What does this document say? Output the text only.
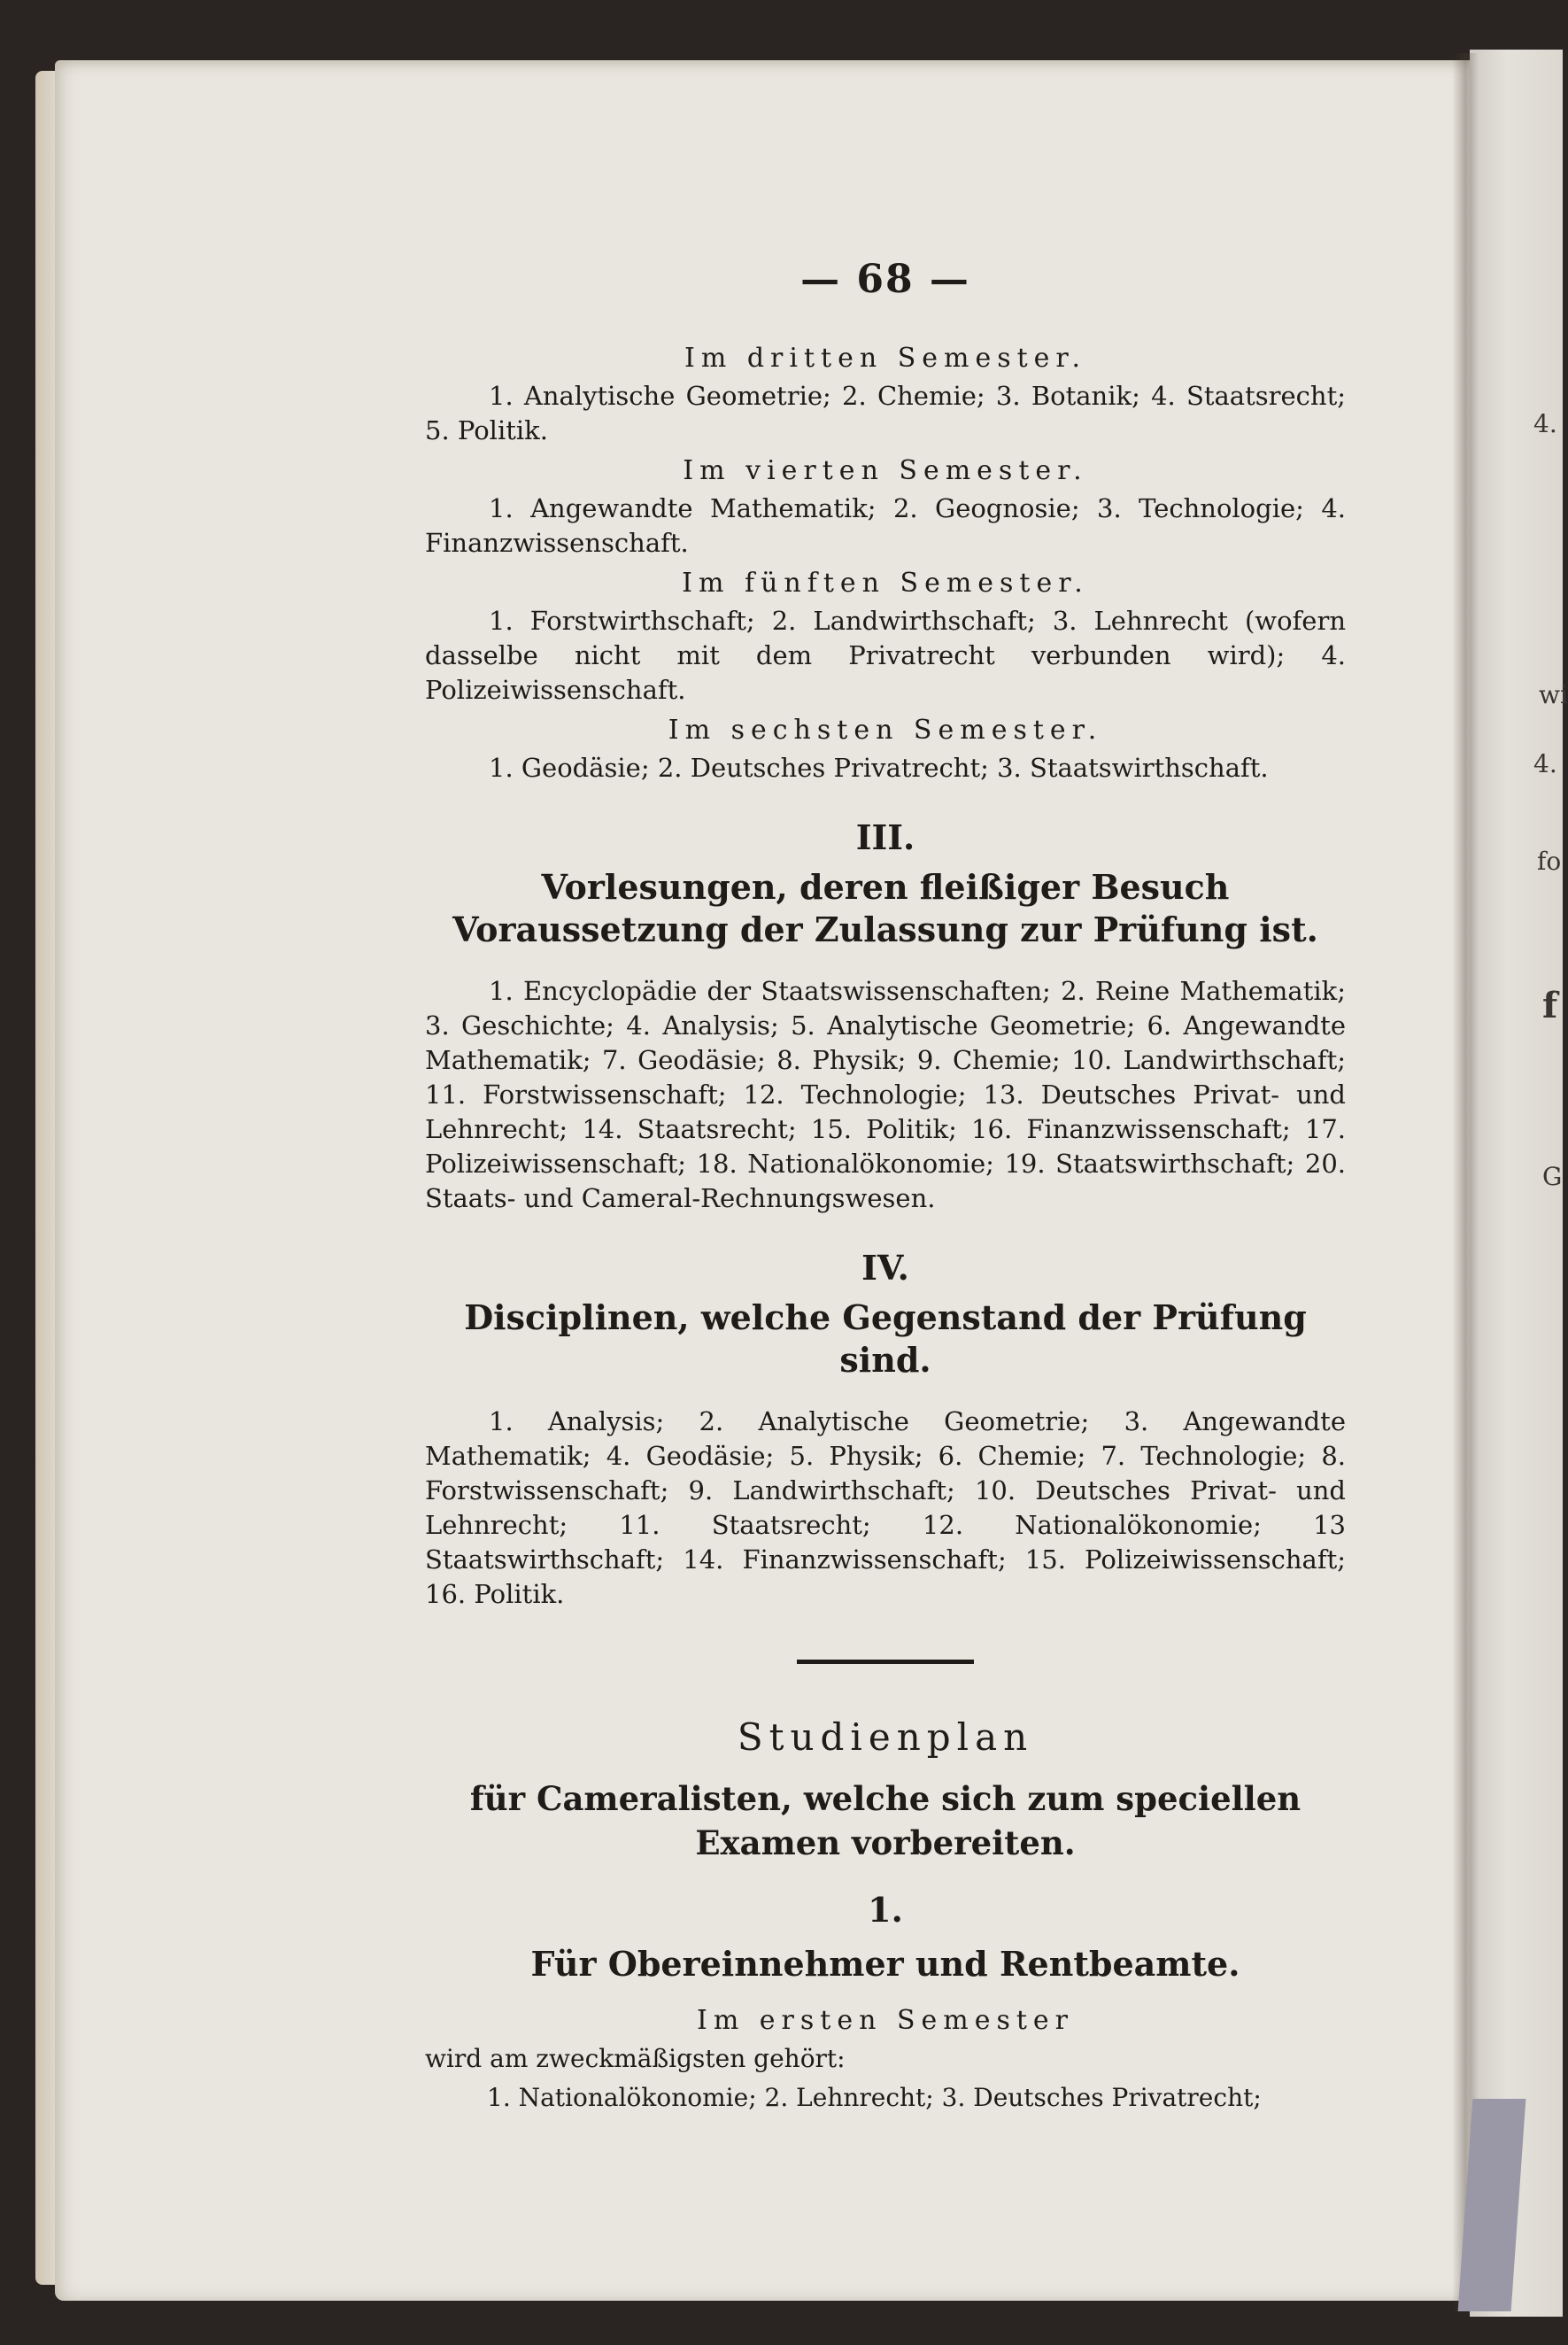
4.
wi
4.
fo
f
G
— 68 —
Im dritten Semester.

1. Analytische Geometrie; 2. Chemie; 3. Botanik; 4. Staatsrecht; 5. Politik.

Im vierten Semester.

1. Angewandte Mathematik; 2. Geognosie; 3. Technologie; 4. Finanzwissenschaft.

Im fünften Semester.

1. Forstwirthschaft; 2. Landwirthschaft; 3. Lehnrecht (wofern dasselbe nicht mit dem Privatrecht verbunden wird); 4. Polizeiwissenschaft.

Im sechsten Semester.

1. Geodäsie; 2. Deutsches Privatrecht; 3. Staatswirthschaft.

III.
Vorlesungen, deren fleißiger Besuch Voraussetzung der Zulassung zur Prüfung ist.

1. Encyclopädie der Staatswissenschaften; 2. Reine Mathematik; 3. Geschichte; 4. Analysis; 5. Analytische Geometrie; 6. Angewandte Mathematik; 7. Geodäsie; 8. Physik; 9. Chemie; 10. Landwirthschaft; 11. Forstwissenschaft; 12. Technologie; 13. Deutsches Privat- und Lehnrecht; 14. Staatsrecht; 15. Politik; 16. Finanzwissenschaft; 17. Polizeiwissenschaft; 18. Nationalökonomie; 19. Staatswirthschaft; 20. Staats- und Cameral-Rechnungswesen.

IV.
Disciplinen, welche Gegenstand der Prüfung sind.

1. Analysis; 2. Analytische Geometrie; 3. Angewandte Mathematik; 4. Geodäsie; 5. Physik; 6. Chemie; 7. Technologie; 8. Forstwissenschaft; 9. Landwirthschaft; 10. Deutsches Privat- und Lehnrecht; 11. Staatsrecht; 12. Nationalökonomie; 13 Staatswirthschaft; 14. Finanzwissenschaft; 15. Polizeiwissenschaft; 16. Politik.

Studienplan
für Cameralisten, welche sich zum speciellen Examen vorbereiten.
1.
Für Obereinnehmer und Rentbeamte.
Im ersten Semester
wird am zweckmäßigsten gehört:
1. Nationalökonomie; 2. Lehnrecht; 3. Deutsches Privatrecht;
